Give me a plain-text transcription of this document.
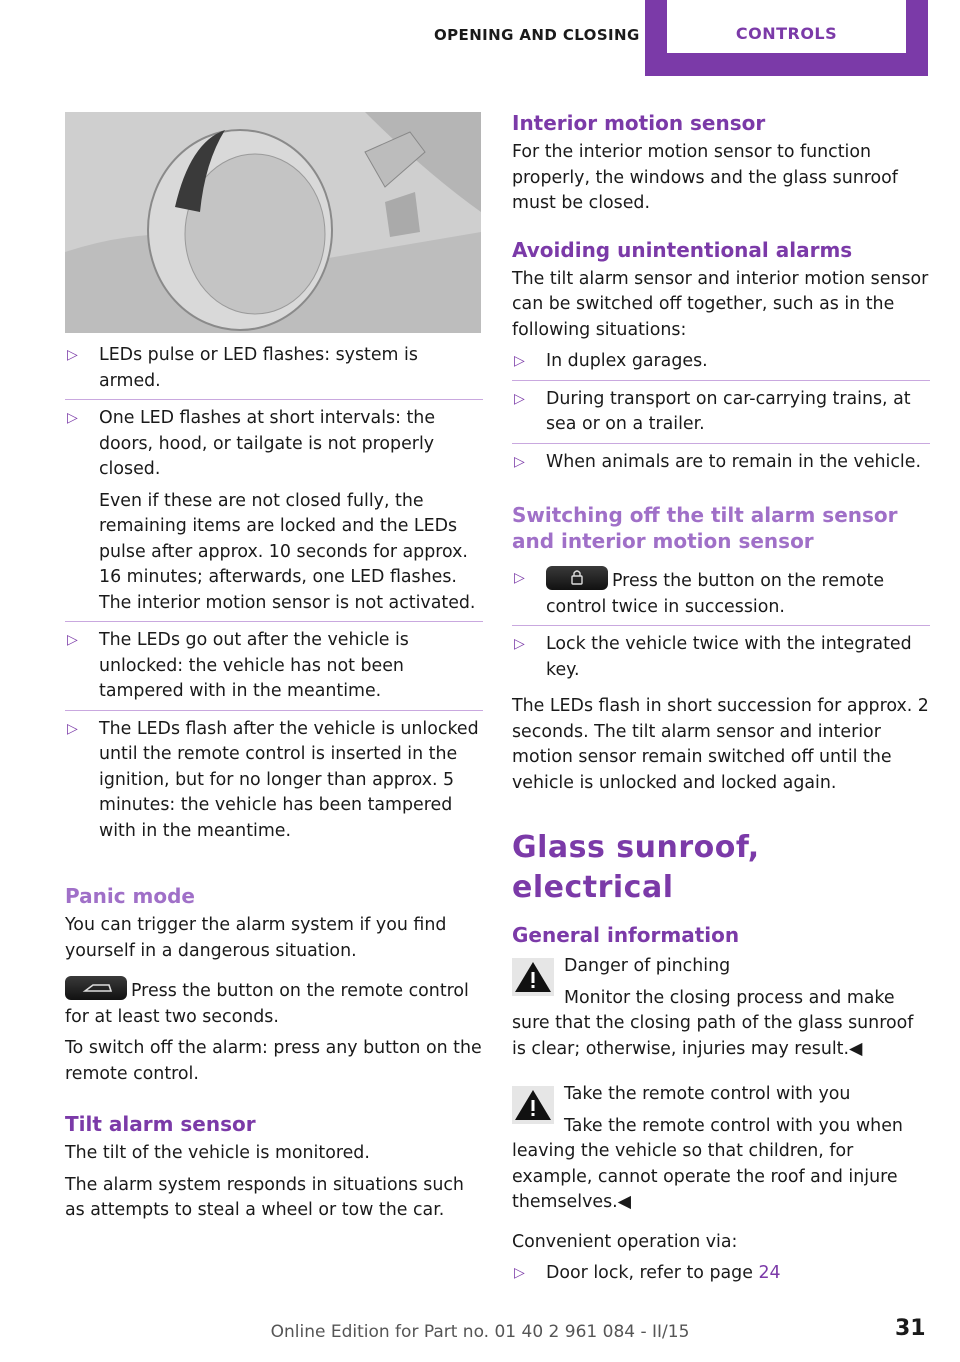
OPENING AND CLOSING	CONTROLS
▷ LEDs pulse or LED flashes: system is armed.
▷ One LED flashes at short intervals: the doors, hood, or tailgate is not properly closed.

Even if these are not closed fully, the remaining items are locked and the LEDs pulse after approx. 10 seconds for approx. 16 minutes; afterwards, one LED flashes. The interior motion sensor is not activated.

▷ The LEDs go out after the vehicle is unlocked: the vehicle has not been tampered with in the meantime.
▷ The LEDs flash after the vehicle is unlocked until the remote control is inserted in the ignition, but for no longer than approx. 5 minutes: the vehicle has been tampered with in the meantime.
Panic mode

You can trigger the alarm system if you find yourself in a dangerous situation.

Press the button on the remote control for at least two seconds.

To switch off the alarm: press any button on the remote control.

Tilt alarm sensor

The tilt of the vehicle is monitored.

The alarm system responds in situations such as attempts to steal a wheel or tow the car.

Interior motion sensor

For the interior motion sensor to function properly, the windows and the glass sunroof must be closed.

Avoiding unintentional alarms

The tilt alarm sensor and interior motion sensor can be switched off together, such as in the following situations:

▷ In duplex garages.
▷ During transport on car-carrying trains, at sea or on a trailer.
▷ When animals are to remain in the vehicle.
Switching off the tilt alarm sensor and interior motion sensor
▷	Press the button on the remote control twice in succession.
▷ Lock the vehicle twice with the integrated key.

The LEDs flash in short succession for approx. 2 seconds. The tilt alarm sensor and interior motion sensor remain switched off until the vehicle is unlocked and locked again.

Glass sunroof, electrical
General information

Danger of pinching

Monitor the closing process and make sure that the closing path of the glass sunroof is clear; otherwise, injuries may result.◀

Take the remote control with you

Take the remote control with you when leaving the vehicle so that children, for example, cannot operate the roof and injure themselves.◀

Convenient operation via:

▷ Door lock, refer to page 24
Online Edition for Part no. 01 40 2 961 084 - II/15	31
